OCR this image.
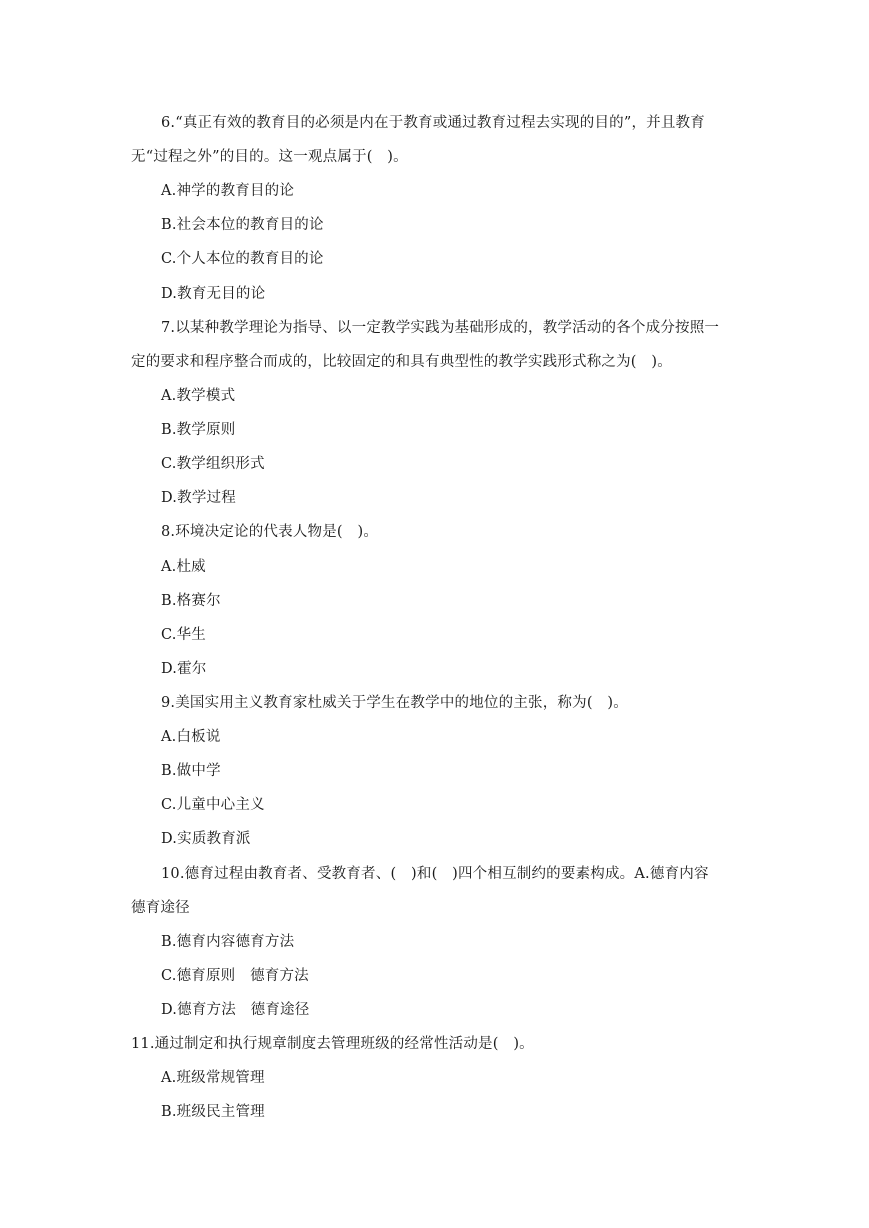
6.“真正有效的教育目的必须是内在于教育或通过教育过程去实现的目的”，并且教育
无“过程之外”的目的。这一观点属于(　)。
A.神学的教育目的论
B.社会本位的教育目的论
C.个人本位的教育目的论
D.教育无目的论
7.以某种教学理论为指导、以一定教学实践为基础形成的，教学活动的各个成分按照一
定的要求和程序整合而成的，比较固定的和具有典型性的教学实践形式称之为(　)。
A.教学模式
B.教学原则
C.教学组织形式
D.教学过程
8.环境决定论的代表人物是(　)。
A.杜威
B.格赛尔
C.华生
D.霍尔
9.美国实用主义教育家杜威关于学生在教学中的地位的主张，称为(　)。
A.白板说
B.做中学
C.儿童中心主义
D.实质教育派
10.德育过程由教育者、受教育者、(　)和(　)四个相互制约的要素构成。A.德育内容
德育途径
B.德育内容德育方法
C.德育原则　德育方法
D.德育方法　德育途径
11.通过制定和执行规章制度去管理班级的经常性活动是(　)。
A.班级常规管理
B.班级民主管理
